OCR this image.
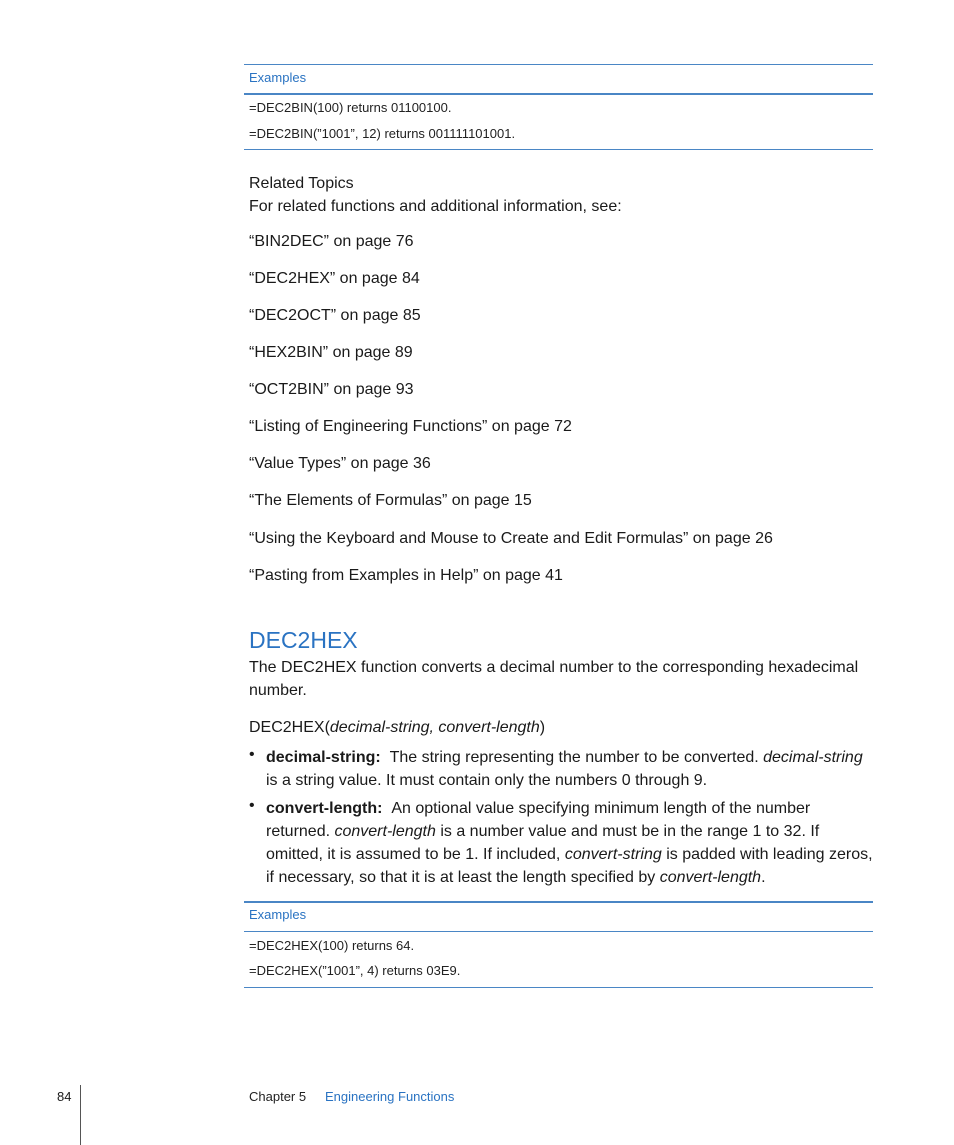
Examples
=DEC2BIN(100) returns 01100100.
=DEC2BIN(”1001”, 12) returns 001111101001.
Related Topics
For related functions and additional information, see:
“BIN2DEC” on page 76
“DEC2HEX” on page 84
“DEC2OCT” on page 85
“HEX2BIN” on page 89
“OCT2BIN” on page 93
“Listing of Engineering Functions” on page 72
“Value Types” on page 36
“The Elements of Formulas” on page 15
“Using the Keyboard and Mouse to Create and Edit Formulas” on page 26
“Pasting from Examples in Help” on page 41
DEC2HEX
The DEC2HEX function converts a decimal number to the corresponding hexadecimal number.
DEC2HEX(decimal-string, convert-length)
• decimal-string: The string representing the number to be converted. decimal-string is a string value. It must contain only the numbers 0 through 9.
• convert-length: An optional value specifying minimum length of the number returned. convert-length is a number value and must be in the range 1 to 32. If omitted, it is assumed to be 1. If included, convert-string is padded with leading zeros, if necessary, so that it is at least the length specified by convert-length.
Examples
=DEC2HEX(100) returns 64.
=DEC2HEX(”1001”, 4) returns 03E9.
84	Chapter 5 Engineering Functions
